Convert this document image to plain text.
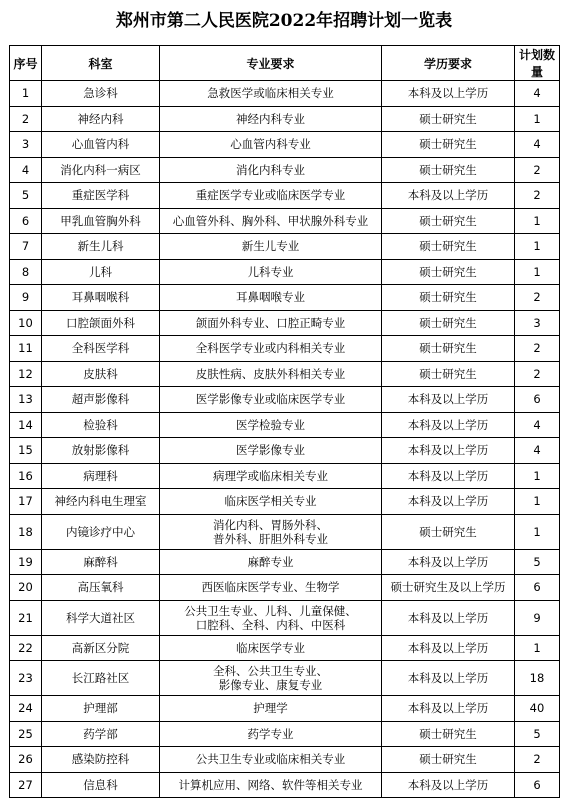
郑州市第二人民医院2022年招聘计划一览表
序号	科室	专业要求	学历要求	计划数量
1	急诊科	急救医学或临床相关专业	本科及以上学历	4
2	神经内科	神经内科专业	硕士研究生	1
3	心血管内科	心血管内科专业	硕士研究生	4
4	消化内科一病区	消化内科专业	硕士研究生	2
5	重症医学科	重症医学专业或临床医学专业	本科及以上学历	2
6	甲乳血管胸外科	心血管外科、胸外科、甲状腺外科专业	硕士研究生	1
7	新生儿科	新生儿专业	硕士研究生	1
8	儿科	儿科专业	硕士研究生	1
9	耳鼻咽喉科	耳鼻咽喉专业	硕士研究生	2
10	口腔颌面外科	颌面外科专业、口腔正畸专业	硕士研究生	3
11	全科医学科	全科医学专业或内科相关专业	硕士研究生	2
12	皮肤科	皮肤性病、皮肤外科相关专业	硕士研究生	2
13	超声影像科	医学影像专业或临床医学专业	本科及以上学历	6
14	检验科	医学检验专业	本科及以上学历	4
15	放射影像科	医学影像专业	本科及以上学历	4
16	病理科	病理学或临床相关专业	本科及以上学历	1
17	神经内科电生理室	临床医学相关专业	本科及以上学历	1
18	内镜诊疗中心	消化内科、胃肠外科、
普外科、肝胆外科专业	硕士研究生	1
19	麻醉科	麻醉专业	本科及以上学历	5
20	高压氧科	西医临床医学专业、生物学	硕士研究生及以上学历	6
21	科学大道社区	公共卫生专业、儿科、儿童保健、
口腔科、全科、内科、中医科	本科及以上学历	9
22	高新区分院	临床医学专业	本科及以上学历	1
23	长江路社区	全科、公共卫生专业、
影像专业、康复专业	本科及以上学历	18
24	护理部	护理学	本科及以上学历	40
25	药学部	药学专业	硕士研究生	5
26	感染防控科	公共卫生专业或临床相关专业	硕士研究生	2
27	信息科	计算机应用、网络、软件等相关专业	本科及以上学历	6
